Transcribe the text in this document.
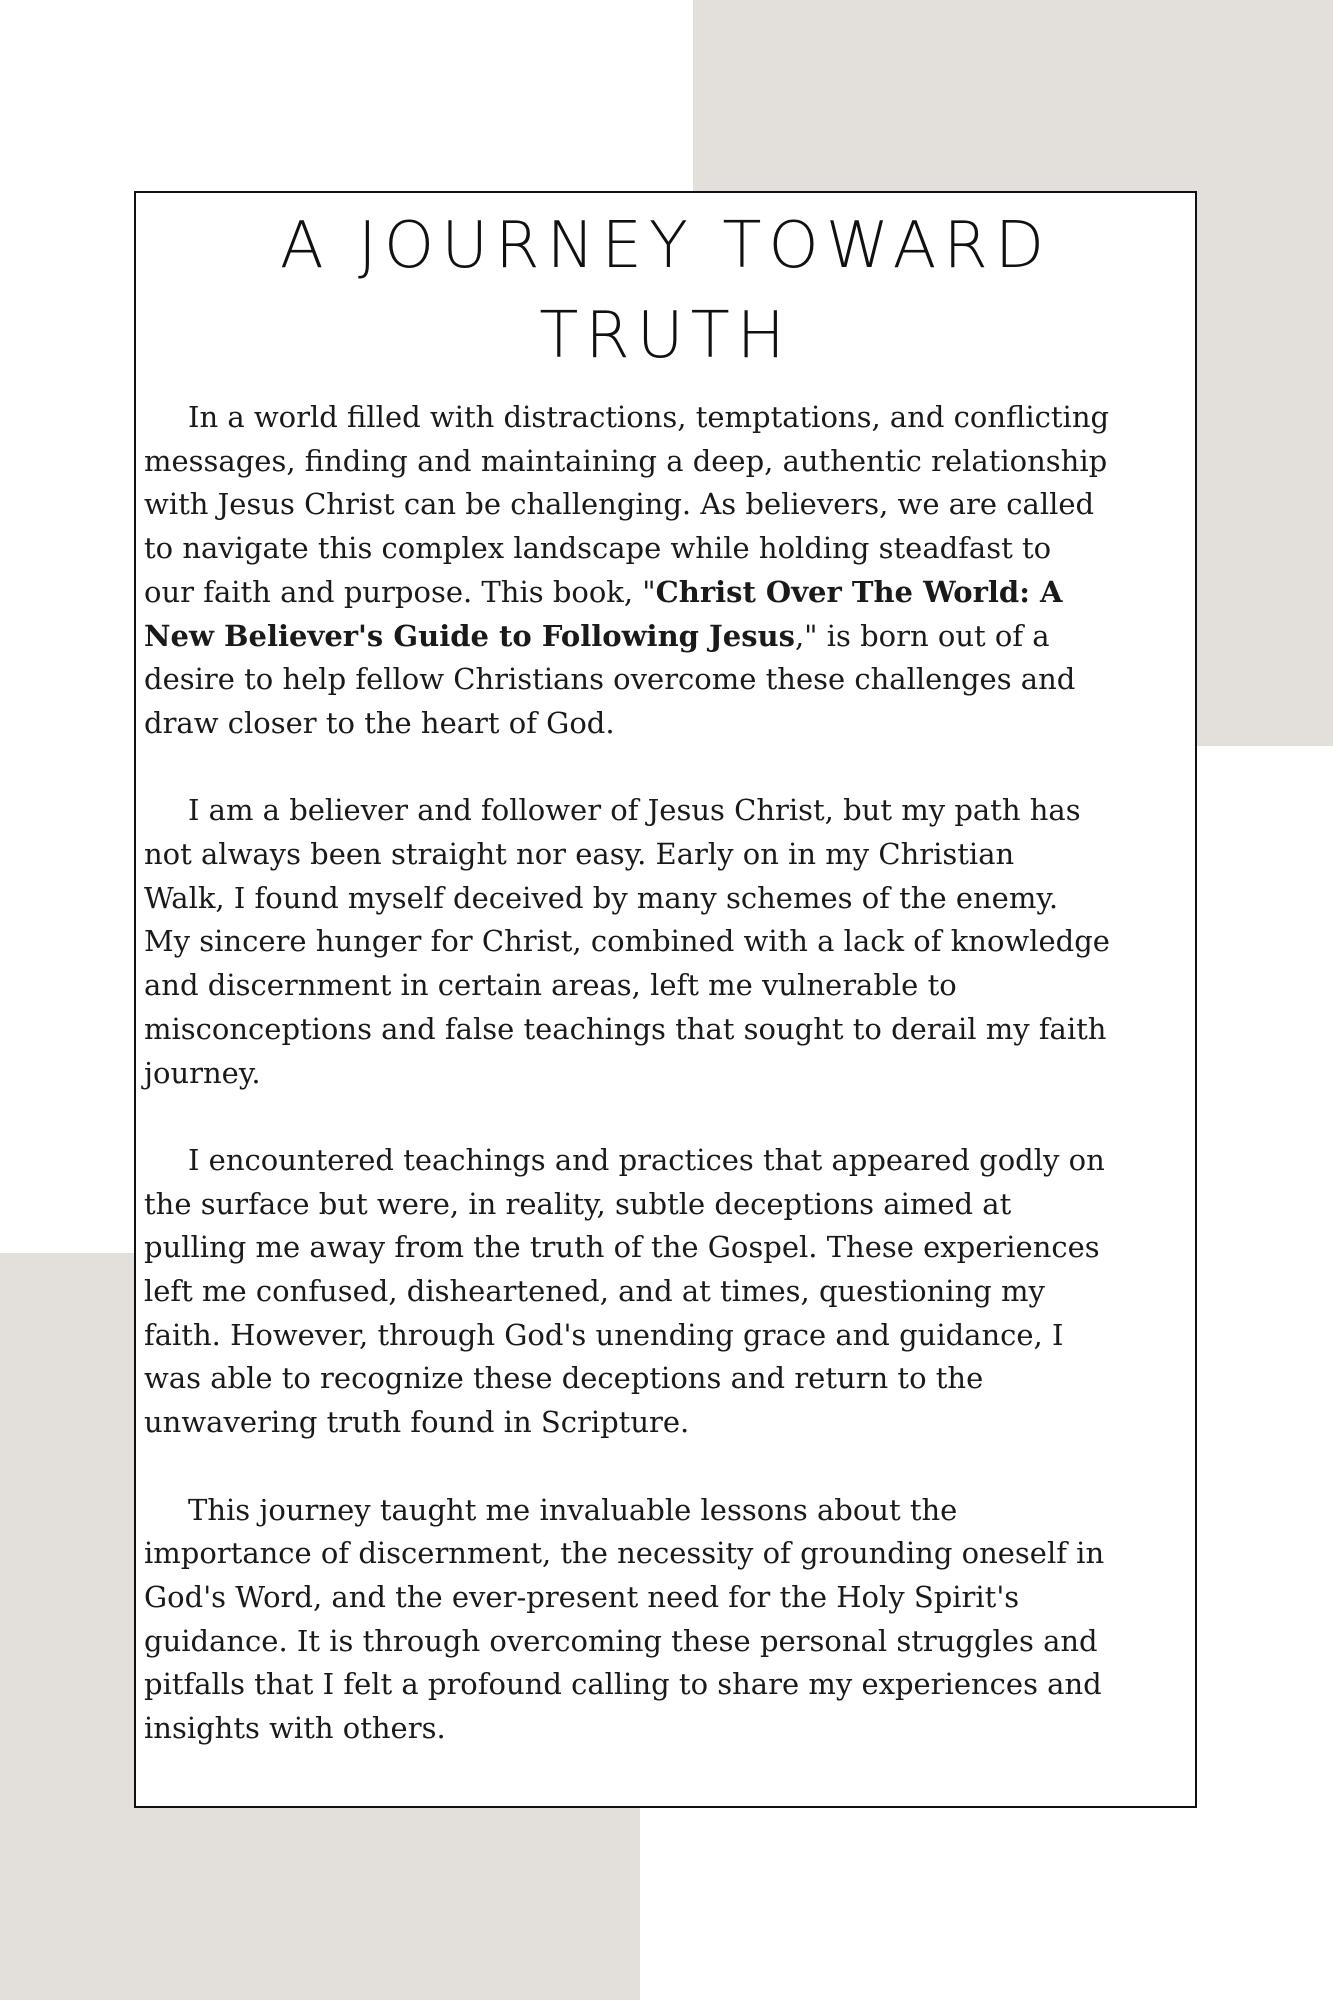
A JOURNEY TOWARD
TRUTH

In a world filled with distractions, temptations, and conflicting
messages, finding and maintaining a deep, authentic relationship
with Jesus Christ can be challenging. As believers, we are called
to navigate this complex landscape while holding steadfast to
our faith and purpose. This book, "Christ Over The World: A
New Believer's Guide to Following Jesus," is born out of a
desire to help fellow Christians overcome these challenges and
draw closer to the heart of God.

I am a believer and follower of Jesus Christ, but my path has
not always been straight nor easy. Early on in my Christian
Walk, I found myself deceived by many schemes of the enemy.
My sincere hunger for Christ, combined with a lack of knowledge
and discernment in certain areas, left me vulnerable to
misconceptions and false teachings that sought to derail my faith
journey.

I encountered teachings and practices that appeared godly on
the surface but were, in reality, subtle deceptions aimed at
pulling me away from the truth of the Gospel. These experiences
left me confused, disheartened, and at times, questioning my
faith. However, through God's unending grace and guidance, I
was able to recognize these deceptions and return to the
unwavering truth found in Scripture.

This journey taught me invaluable lessons about the
importance of discernment, the necessity of grounding oneself in
God's Word, and the ever-present need for the Holy Spirit's
guidance. It is through overcoming these personal struggles and
pitfalls that I felt a profound calling to share my experiences and
insights with others.
